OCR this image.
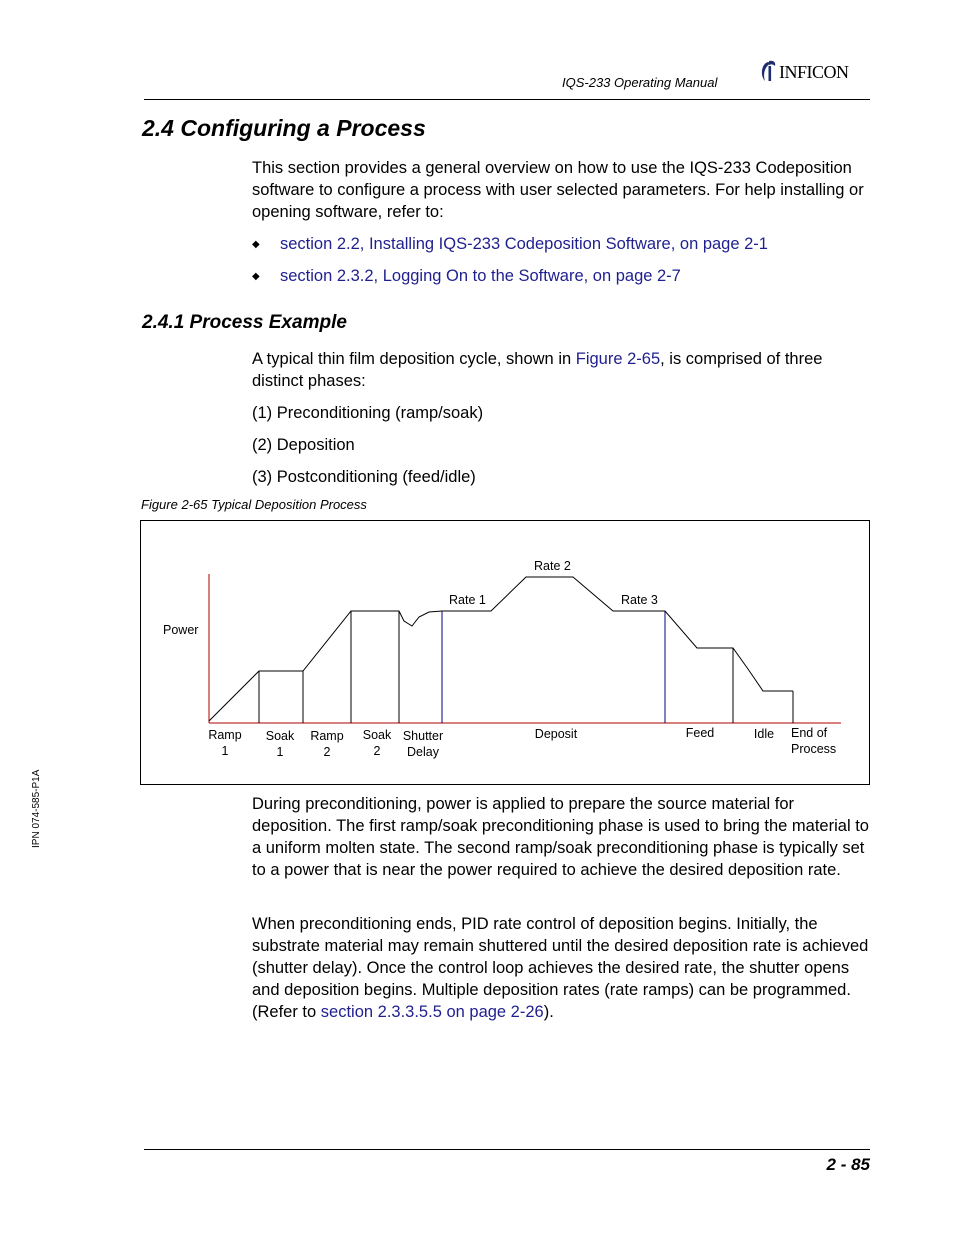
IQS-233 Operating Manual
INFICON
2.4 Configuring a Process

This section provides a general overview on how to use the IQS-233 Codeposition software to configure a process with user selected parameters. For help installing or opening software, refer to:

◆ section 2.2, Installing IQS-233 Codeposition Software, on page 2-1
◆ section 2.3.2, Logging On to the Software, on page 2-7
2.4.1 Process Example

A typical thin film deposition cycle, shown in Figure 2-65, is comprised of three distinct phases:

(1) Preconditioning (ramp/soak)
(2) Deposition
(3) Postconditioning (feed/idle)
Figure 2-65 Typical Deposition Process
Power
Rate 1
Rate 2
Rate 3
Ramp
1
Soak
1
Ramp
2
Soak
2
Shutter
Delay
Deposit	Feed	Idle End of
Process

During preconditioning, power is applied to prepare the source material for deposition. The first ramp/soak preconditioning phase is used to bring the material to a uniform molten state. The second ramp/soak preconditioning phase is typically set to a power that is near the power required to achieve the desired deposition rate.

When preconditioning ends, PID rate control of deposition begins. Initially, the substrate material may remain shuttered until the desired deposition rate is achieved (shutter delay). Once the control loop achieves the desired rate, the shutter opens and deposition begins. Multiple deposition rates (rate ramps) can be programmed. (Refer to section 2.3.3.5.5 on page 2-26).

IPN 074-585-P1A
2 - 85
